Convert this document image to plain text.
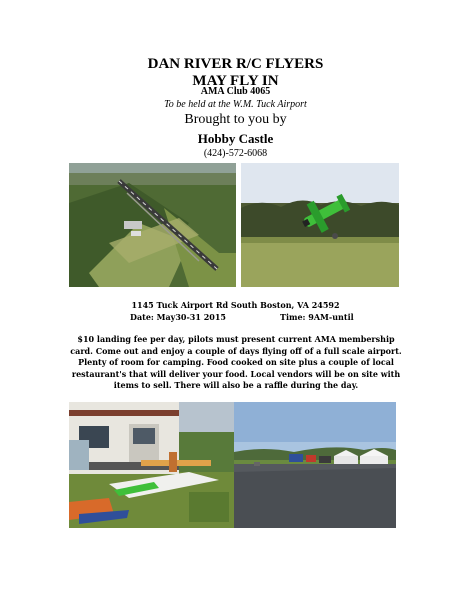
DAN RIVER R/C FLYERS
MAY FLY IN
AMA Club 4065
To be held at the W.M. Tuck Airport
Brought to you by
Hobby Castle
(424)-572-6068
1145 Tuck Airport Rd South Boston, VA 24592
Date: May30-31 2015	Time: 9AM-until
$10 landing fee per day, pilots must present current AMA membership card. Come out and enjoy a couple of days flying off of a full scale airport. Plenty of room for camping. Food cooked on site plus a couple of local restaurant's that will deliver your food. Local vendors will be on site with items to sell. There will also be a raffle during the day.
